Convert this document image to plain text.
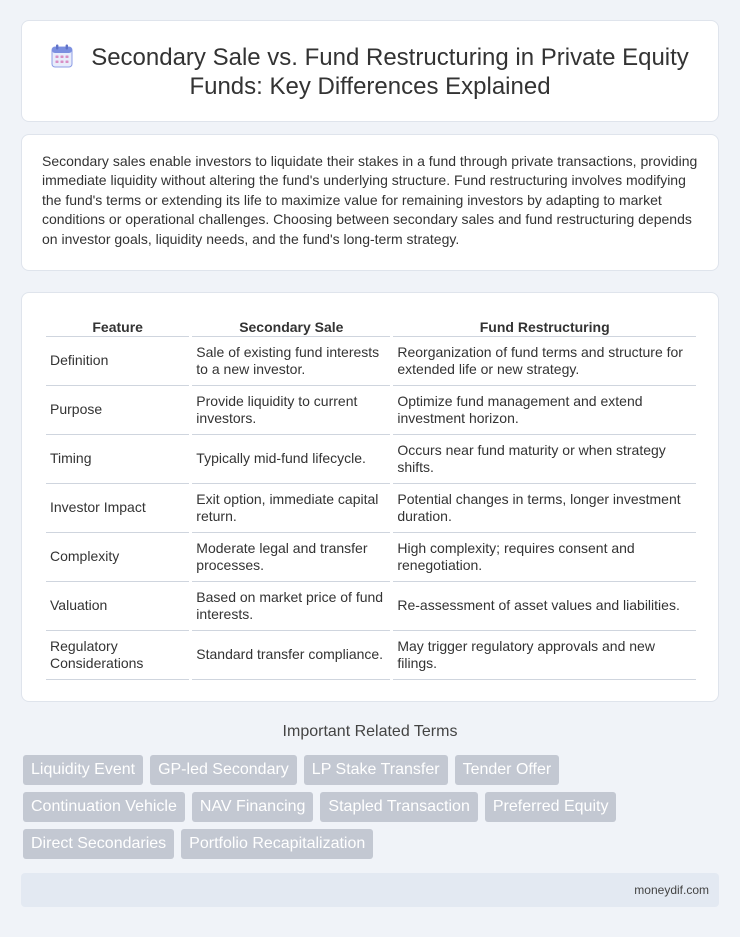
Secondary Sale vs. Fund Restructuring in Private Equity Funds: Key Differences Explained

Secondary sales enable investors to liquidate their stakes in a fund through private transactions, providing immediate liquidity without altering the fund's underlying structure. Fund restructuring involves modifying the fund's terms or extending its life to maximize value for remaining investors by adapting to market conditions or operational challenges. Choosing between secondary sales and fund restructuring depends on investor goals, liquidity needs, and the fund's long-term strategy.

Feature	Secondary Sale	Fund Restructuring
Definition	Sale of existing fund interests to a new investor.	Reorganization of fund terms and structure for extended life or new strategy.
Purpose	Provide liquidity to current investors.	Optimize fund management and extend investment horizon.
Timing	Typically mid-fund lifecycle.	Occurs near fund maturity or when strategy shifts.
Investor Impact	Exit option, immediate capital return.	Potential changes in terms, longer investment duration.
Complexity	Moderate legal and transfer processes.	High complexity; requires consent and renegotiation.
Valuation	Based on market price of fund interests.	Re-assessment of asset values and liabilities.
Regulatory Considerations	Standard transfer compliance.	May trigger regulatory approvals and new filings.
Important Related Terms
Liquidity Event	GP-led Secondary	LP Stake Transfer	Tender Offer
Continuation Vehicle	NAV Financing	Stapled Transaction	Preferred Equity
Direct Secondaries	Portfolio Recapitalization
moneydif.com
